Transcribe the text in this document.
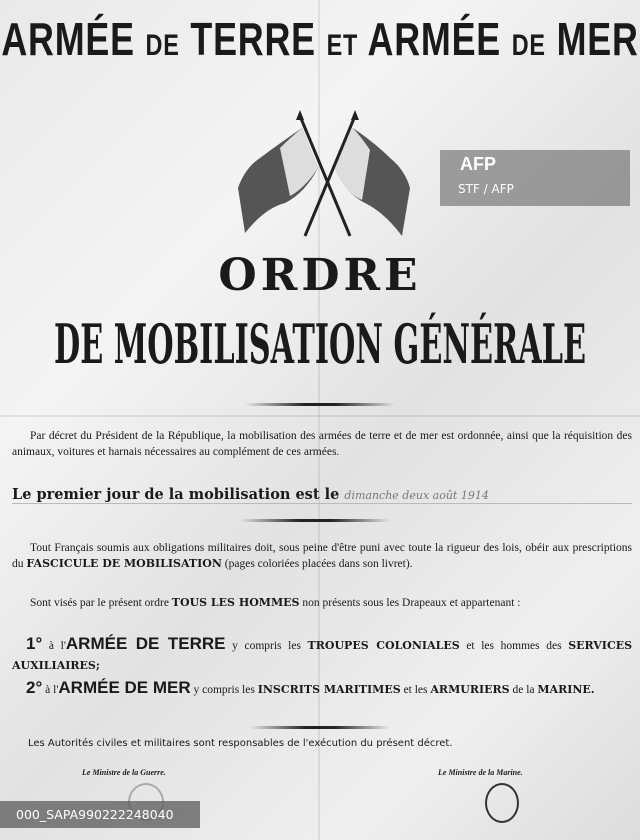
ARMÉE DE TERRE ET ARMÉE DE MER
ORDRE
DE MOBILISATION GÉNÉRALE
Par décret du Président de la République, la mobilisation des armées de terre et de mer est ordonnée, ainsi que la réquisition des animaux, voitures et harnais nécessaires au complément de ces armées.
Le premier jour de la mobilisation est le dimanche deux août 1914
Tout Français soumis aux obligations militaires doit, sous peine d'être puni avec toute la rigueur des lois, obéir aux prescriptions du FASCICULE DE MOBILISATION (pages coloriées placées dans son livret).
Sont visés par le présent ordre TOUS LES HOMMES non présents sous les Drapeaux et appartenant :
1° à l'ARMÉE DE TERRE y compris les TROUPES COLONIALES et les hommes des SERVICES AUXILIAIRES;
2° à l'ARMÉE DE MER y compris les INSCRITS MARITIMES et les ARMURIERS de la MARINE.
Les Autorités civiles et militaires sont responsables de l'exécution du présent décret.
Le Ministre de la Guerre.	Le Ministre de la Marine.
AFP
STF / AFP
000_SAPA990222248040
